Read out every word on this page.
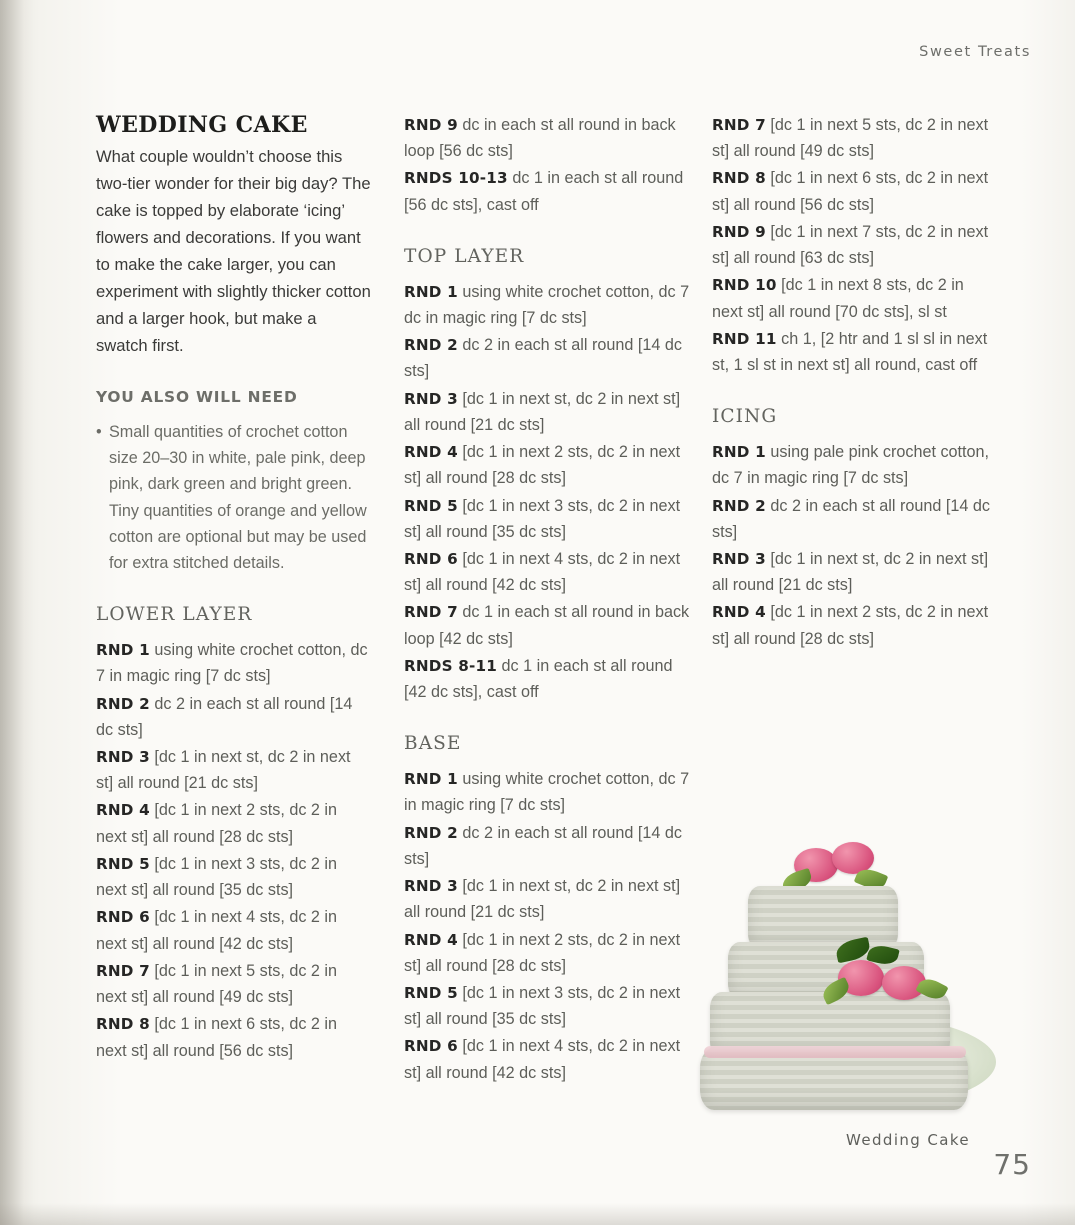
Sweet Treats
75
WEDDING CAKE

What couple wouldn’t choose this two-tier wonder for their big day? The cake is topped by elaborate ‘icing’ flowers and decorations. If you want to make the cake larger, you can experiment with slightly thicker cotton and a larger hook, but make a swatch first.

YOU ALSO WILL NEED
• Small quantities of crochet cotton size 20–30 in white, pale pink, deep pink, dark green and bright green. Tiny quantities of orange and yellow cotton are optional but may be used for extra stitched details.
LOWER LAYER

RND 1 using white crochet cotton, dc 7 in magic ring [7 dc sts]

RND 2 dc 2 in each st all round [14 dc sts]

RND 3 [dc 1 in next st, dc 2 in next st] all round [21 dc sts]

RND 4 [dc 1 in next 2 sts, dc 2 in next st] all round [28 dc sts]

RND 5 [dc 1 in next 3 sts, dc 2 in next st] all round [35 dc sts]

RND 6 [dc 1 in next 4 sts, dc 2 in next st] all round [42 dc sts]

RND 7 [dc 1 in next 5 sts, dc 2 in next st] all round [49 dc sts]

RND 8 [dc 1 in next 6 sts, dc 2 in next st] all round [56 dc sts]

RND 9 dc in each st all round in back loop [56 dc sts]

RNDS 10-13 dc 1 in each st all round [56 dc sts], cast off

TOP LAYER

RND 1 using white crochet cotton, dc 7 dc in magic ring [7 dc sts]

RND 2 dc 2 in each st all round [14 dc sts]

RND 3 [dc 1 in next st, dc 2 in next st] all round [21 dc sts]

RND 4 [dc 1 in next 2 sts, dc 2 in next st] all round [28 dc sts]

RND 5 [dc 1 in next 3 sts, dc 2 in next st] all round [35 dc sts]

RND 6 [dc 1 in next 4 sts, dc 2 in next st] all round [42 dc sts]

RND 7 dc 1 in each st all round in back loop [42 dc sts]

RNDS 8-11 dc 1 in each st all round [42 dc sts], cast off

BASE

RND 1 using white crochet cotton, dc 7 in magic ring [7 dc sts]

RND 2 dc 2 in each st all round [14 dc sts]

RND 3 [dc 1 in next st, dc 2 in next st] all round [21 dc sts]

RND 4 [dc 1 in next 2 sts, dc 2 in next st] all round [28 dc sts]

RND 5 [dc 1 in next 3 sts, dc 2 in next st] all round [35 dc sts]

RND 6 [dc 1 in next 4 sts, dc 2 in next st] all round [42 dc sts]

RND 7 [dc 1 in next 5 sts, dc 2 in next st] all round [49 dc sts]

RND 8 [dc 1 in next 6 sts, dc 2 in next st] all round [56 dc sts]

RND 9 [dc 1 in next 7 sts, dc 2 in next st] all round [63 dc sts]

RND 10 [dc 1 in next 8 sts, dc 2 in next st] all round [70 dc sts], sl st

RND 11 ch 1, [2 htr and 1 sl sl in next st, 1 sl st in next st] all round, cast off

ICING

RND 1 using pale pink crochet cotton, dc 7 in magic ring [7 dc sts]

RND 2 dc 2 in each st all round [14 dc sts]

RND 3 [dc 1 in next st, dc 2 in next st] all round [21 dc sts]

RND 4 [dc 1 in next 2 sts, dc 2 in next st] all round [28 dc sts]

Wedding Cake
